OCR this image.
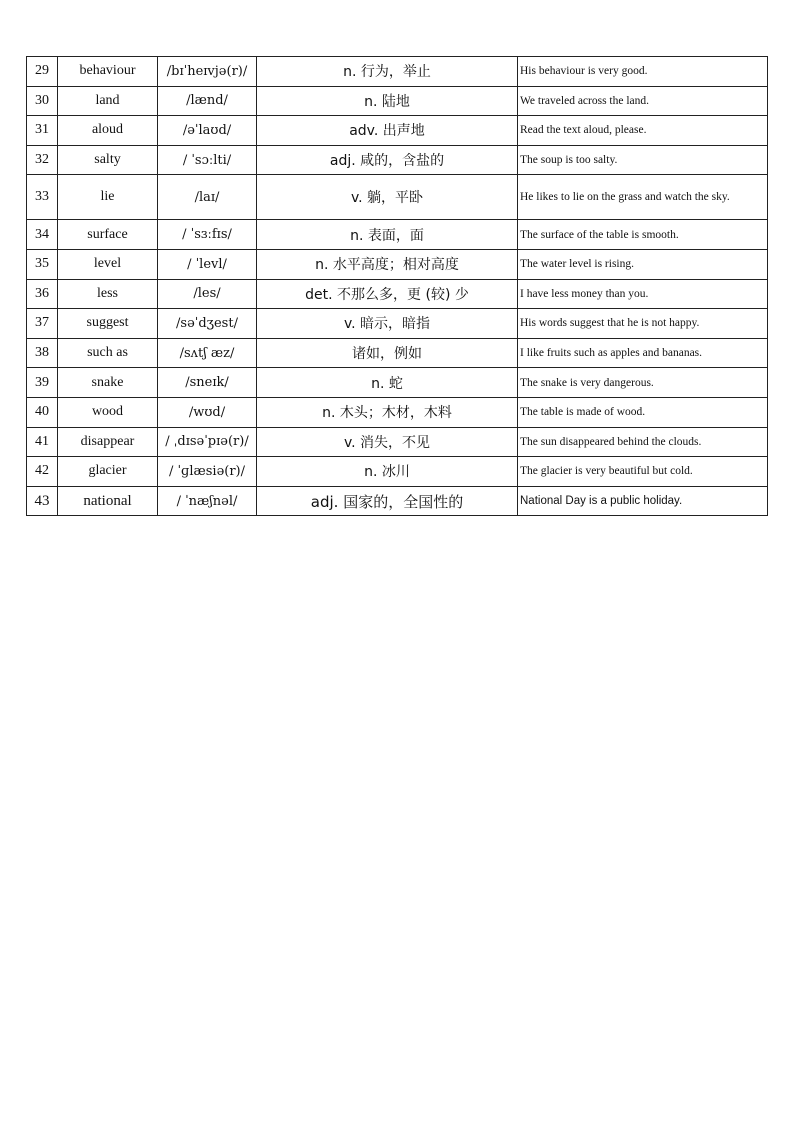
29	behaviour	/bɪˈheɪvjə(r)/	n. 行为，举止	His behaviour is very good.
30	land	/lænd/	n. 陆地	We traveled across the land.
31	aloud	/əˈlaʊd/	adv. 出声地	Read the text aloud, please.
32	salty	/ ˈsɔːlti/	adj. 咸的，含盐的	The soup is too salty.
33	lie	/laɪ/	v. 躺，平卧	He likes to lie on the grass and watch the sky.
34	surface	/ ˈsɜːfɪs/	n. 表面，面	The surface of the table is smooth.
35	level	/ ˈlevl/	n. 水平高度；相对高度	The water level is rising.
36	less	/les/	det. 不那么多，更 (较) 少	I have less money than you.
37	suggest	/səˈdʒest/	v. 暗示，暗指	His words suggest that he is not happy.
38	such as	/sʌtʃ æz/	诸如，例如	I like fruits such as apples and bananas.
39	snake	/sneɪk/	n. 蛇	The snake is very dangerous.
40	wood	/wʊd/	n. 木头；木材，木料	The table is made of wood.
41	disappear	/ ˌdɪsəˈpɪə(r)/	v. 消失，不见	The sun disappeared behind the clouds.
42	glacier	/ ˈɡlæsiə(r)/	n. 冰川	The glacier is very beautiful but cold.
43	national	/ ˈnæʃnəl/	adj. 国家的，全国性的	National Day is a public holiday.
